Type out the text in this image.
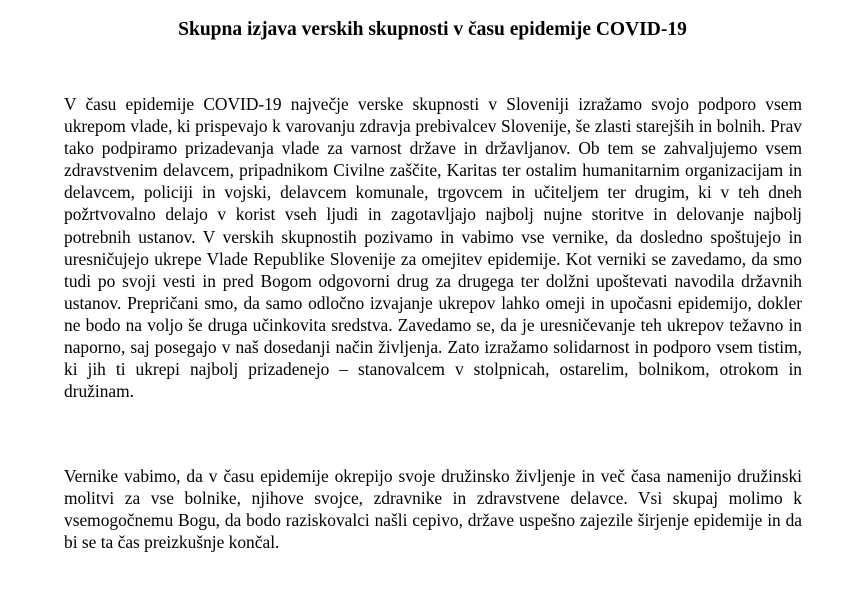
Skupna izjava verskih skupnosti v času epidemije COVID-19

V času epidemije COVID-19 največje verske skupnosti v Sloveniji izražamo svojo podporo vsem ukrepom vlade, ki prispevajo k varovanju zdravja prebivalcev Slovenije, še zlasti starejših in bolnih. Prav tako podpiramo prizadevanja vlade za varnost države in državljanov. Ob tem se zahvaljujemo vsem zdravstvenim delavcem, pripadnikom Civilne zaščite, Karitas ter ostalim humanitarnim organizacijam in delavcem, policiji in vojski, delavcem komunale, trgovcem in učiteljem ter drugim, ki v teh dneh požrtvovalno delajo v korist vseh ljudi in zagotavljajo najbolj nujne storitve in delovanje najbolj potrebnih ustanov. V verskih skupnostih pozivamo in vabimo vse vernike, da dosledno spoštujejo in uresničujejo ukrepe Vlade Republike Slovenije za omejitev epidemije. Kot verniki se zavedamo, da smo tudi po svoji vesti in pred Bogom odgovorni drug za drugega ter dolžni upoštevati navodila državnih ustanov. Prepričani smo, da samo odločno izvajanje ukrepov lahko omeji in upočasni epidemijo, dokler ne bodo na voljo še druga učinkovita sredstva. Zavedamo se, da je uresničevanje teh ukrepov težavno in naporno, saj posegajo v naš dosedanji način življenja. Zato izražamo solidarnost in podporo vsem tistim, ki jih ti ukrepi najbolj prizadenejo – stanovalcem v stolpnicah, ostarelim, bolnikom, otrokom in družinam.

Vernike vabimo, da v času epidemije okrepijo svoje družinsko življenje in več časa namenijo družinski molitvi za vse bolnike, njihove svojce, zdravnike in zdravstvene delavce. Vsi skupaj molimo k vsemogočnemu Bogu, da bodo raziskovalci našli cepivo, države uspešno zajezile širjenje epidemije in da bi se ta čas preizkušnje končal.
